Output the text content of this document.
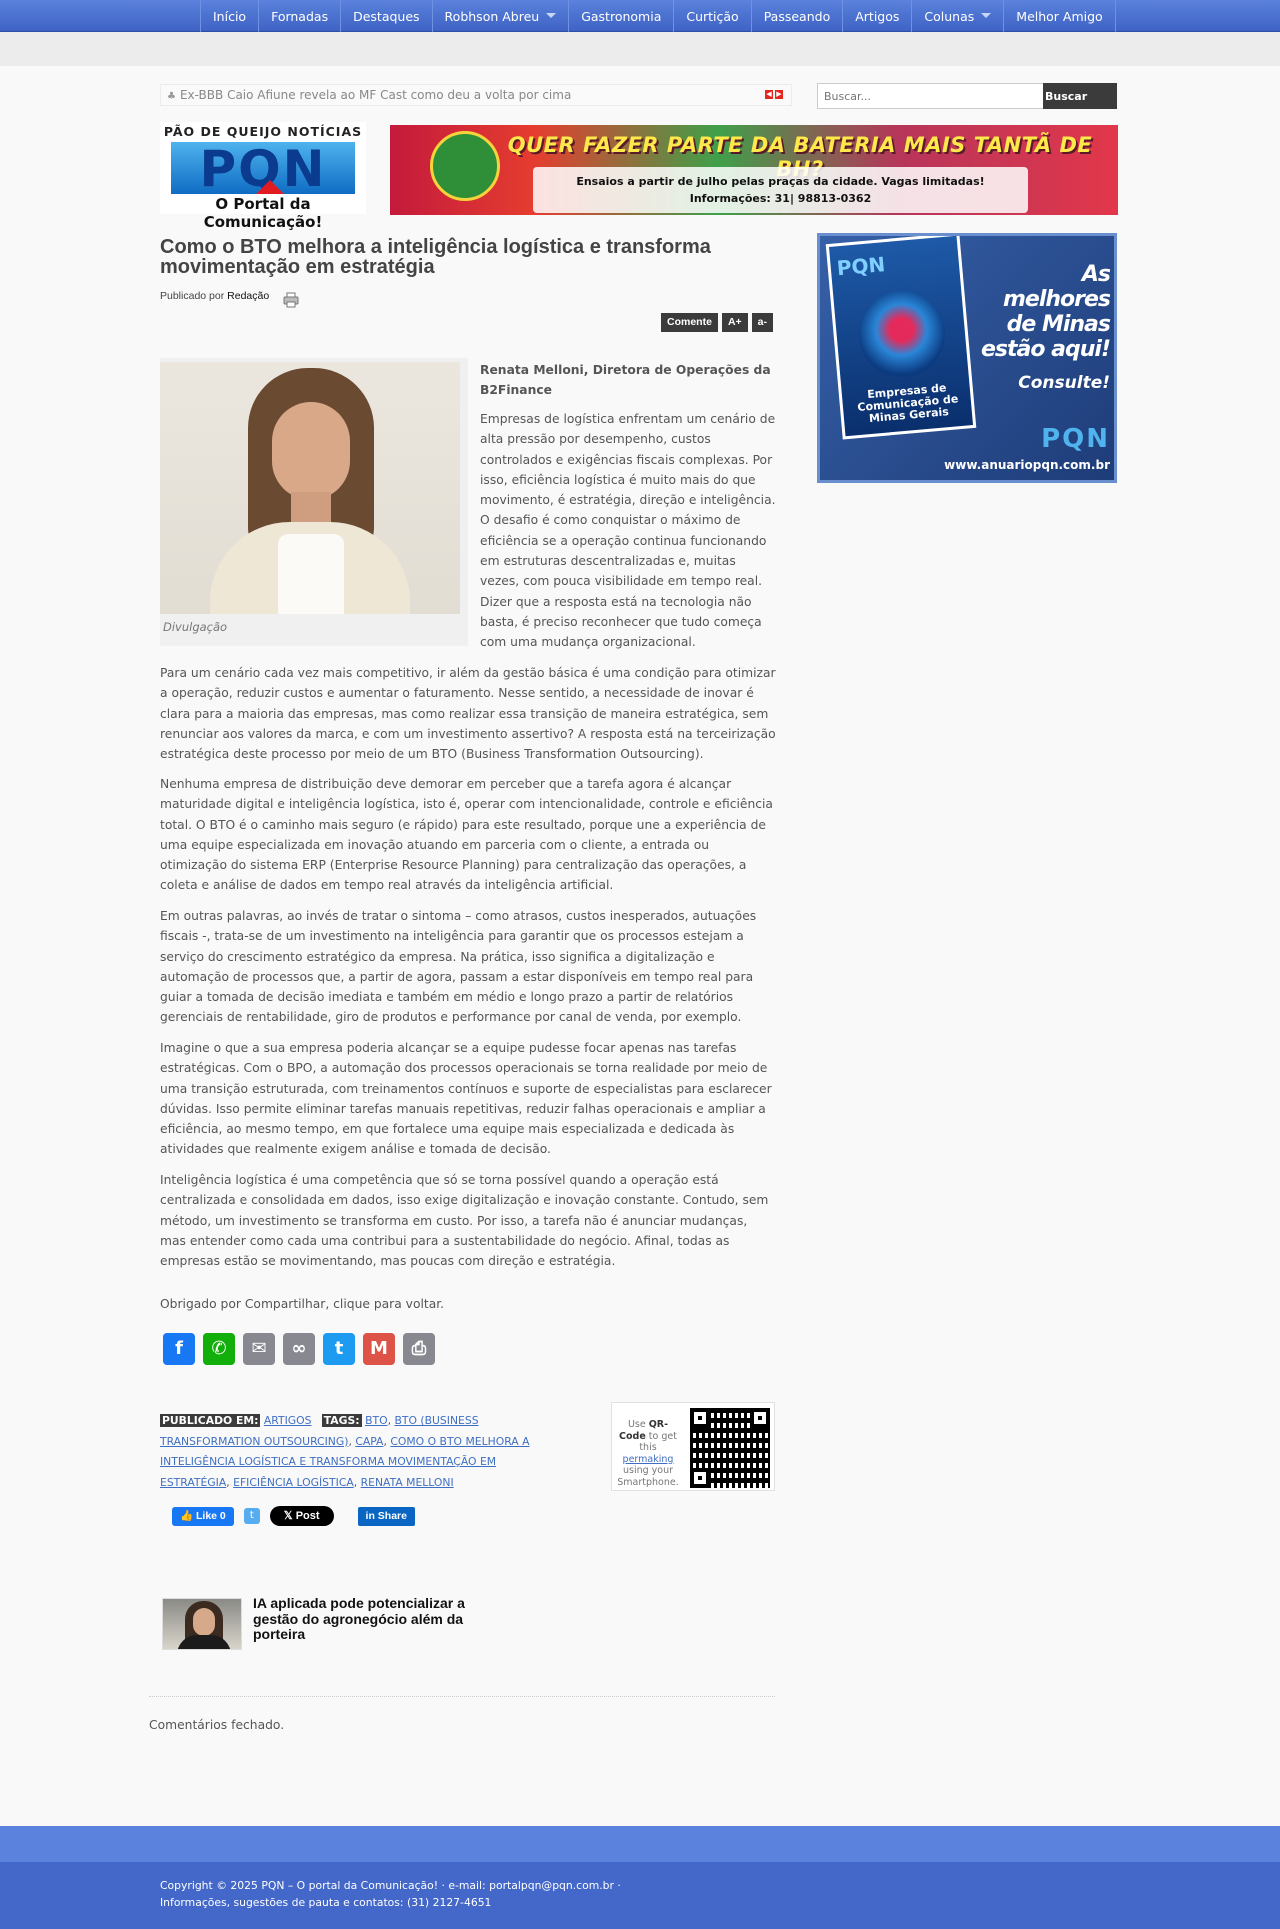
Início	Fornadas	Destaques	Robhson Abreu	Gastronomia	Curtição	Passeando	Artigos	Colunas	Melhor Amigo
♣ Ex-BBB Caio Afiune revela ao MF Cast como deu a volta por cima	◀ ▶
Buscar...	Buscar
PÃO DE QUEIJO NOTÍCIAS
PQN
O Portal da Comunicação!
QUER FAZER PARTE DA BATERIA MAIS TANTÃ DE
Ensaios a partir de julho pelas praças da cidade. Vagas limitadas!
Informações: 31| 98813-0362
Como o BTO melhora a inteligência logística e transforma movimentação em estratégia
Publicado por Redação
Comente	A+	a-
Divulgação
Renata Melloni, Diretora de Operações da B2Finance

Empresas de logística enfrentam um cenário de alta pressão por desempenho, custos controlados e exigências fiscais complexas. Por isso, eficiência logística é muito mais do que movimento, é estratégia, direção e inteligência. O desafio é como conquistar o máximo de eficiência se a operação continua funcionando em estruturas descentralizadas e, muitas vezes, com pouca visibilidade em tempo real. Dizer que a resposta está na tecnologia não basta, é preciso reconhecer que tudo começa com uma mudança organizacional.

Para um cenário cada vez mais competitivo, ir além da gestão básica é uma condição para otimizar a operação, reduzir custos e aumentar o faturamento. Nesse sentido, a necessidade de inovar é clara para a maioria das empresas, mas como realizar essa transição de maneira estratégica, sem renunciar aos valores da marca, e com um investimento assertivo? A resposta está na terceirização estratégica deste processo por meio de um BTO (Business Transformation Outsourcing).

Nenhuma empresa de distribuição deve demorar em perceber que a tarefa agora é alcançar maturidade digital e inteligência logística, isto é, operar com intencionalidade, controle e eficiência total. O BTO é o caminho mais seguro (e rápido) para este resultado, porque une a experiência de uma equipe especializada em inovação atuando em parceria com o cliente, a entrada ou otimização do sistema ERP (Enterprise Resource Planning) para centralização das operações, a coleta e análise de dados em tempo real através da inteligência artificial.

Em outras palavras, ao invés de tratar o sintoma – como atrasos, custos inesperados, autuações fiscais -, trata-se de um investimento na inteligência para garantir que os processos estejam a serviço do crescimento estratégico da empresa. Na prática, isso significa a digitalização e automação de processos que, a partir de agora, passam a estar disponíveis em tempo real para guiar a tomada de decisão imediata e também em médio e longo prazo a partir de relatórios gerenciais de rentabilidade, giro de produtos e performance por canal de venda, por exemplo.

Imagine o que a sua empresa poderia alcançar se a equipe pudesse focar apenas nas tarefas estratégicas. Com o BPO, a automação dos processos operacionais se torna realidade por meio de uma transição estruturada, com treinamentos contínuos e suporte de especialistas para esclarecer dúvidas. Isso permite eliminar tarefas manuais repetitivas, reduzir falhas operacionais e ampliar a eficiência, ao mesmo tempo, em que fortalece uma equipe mais especializada e dedicada às atividades que realmente exigem análise e tomada de decisão.

Inteligência logística é uma competência que só se torna possível quando a operação está centralizada e consolidada em dados, isso exige digitalização e inovação constante. Contudo, sem método, um investimento se transforma em custo. Por isso, a tarefa não é anunciar mudanças, mas entender como cada uma contribui para a sustentabilidade do negócio. Afinal, todas as empresas estão se movimentando, mas poucas com direção e estratégia.

Obrigado por Compartilhar, clique para voltar.
f	✆	✉	∞	t	M	⎙
PUBLICADO EM: ARTIGOS TAGS: BTO, BTO (BUSINESS TRANSFORMATION OUTSOURCING), CAPA, COMO O BTO MELHORA A INTELIGÊNCIA LOGÍSTICA E TRANSFORMA MOVIMENTAÇÃO EM ESTRATÉGIA, EFICIÊNCIA LOGÍSTICA, RENATA MELLONI
Use QR-Code to get this permaking using your Smartphone.
👍 Like 0	t	𝕏 Post	in Share
IA aplicada pode potencializar a gestão do agronegócio além da porteira
Comentários fechado.
PQN
Empresas de Comunicação de Minas Gerais
As melhores de Minas estão aqui!
Consulte!
PQN
www.anuariopqn.com.br
Copyright © 2025 PQN – O portal da Comunicação! · e-mail: portalpqn@pqn.com.br ·
Informações, sugestões de pauta e contatos: (31) 2127-4651
